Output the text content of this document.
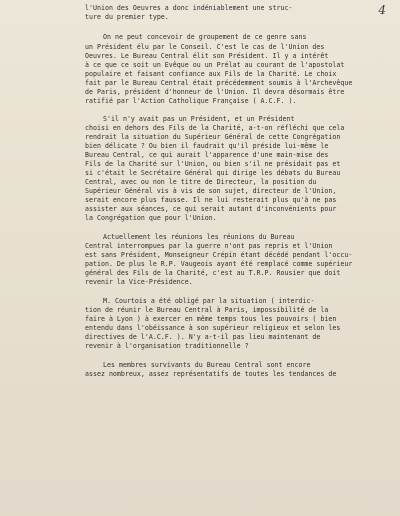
4
l'Union des Oeuvres a donc indéniablement une struc-
ture du premier type.
On ne peut concevoir de groupement de ce genre sans
un Président élu par le Conseil. C'est le cas de l'Union des
Oeuvres. Le Bureau Central élit son Président. Il y a intérêt
à ce que ce soit un Evêque ou un Prélat au courant de l'apostolat
populaire et faisant confiance aux Fils de la Charité. Le choix
fait par le Bureau Central était précédemment soumis à l'Archevêque
de Paris, président d'honneur de l'Union. Il devra désormais être
ratifié par l'Action Catholique Française ( A.C.F. ).
S'il n'y avait pas un Président, et un Président
choisi en dehors des Fils de la Charité, a-t-on réfléchi que cela
rendrait la situation du Supérieur Général de cette Congrégation
bien délicate ? Ou bien il faudrait qu'il préside lui-même le
Bureau Central, ce qui aurait l'apparence d'une main-mise des
Fils de la Charité sur l'Union, ou bien s'il ne présidait pas et
si c'était le Secrétaire Général qui dirige les débats du Bureau
Central, avec ou non le titre de Directeur, la position du
Supérieur Général vis à vis de son sujet, directeur de l'Union,
serait encore plus fausse. Il ne lui resterait plus qu'à ne pas
assister aux séances, ce qui serait autant d'inconvénients pour
la Congrégation que pour l'Union.
Actuellement les réunions les réunions du Bureau
Central interrompues par la guerre n'ont pas repris et l'Union
est sans Président, Monseigneur Crépin étant décédé pendant l'occu-
pation. De plus le R.P. Vaugeois ayant été remplacé comme supérieur
général des Fils de la Charité, c'est au T.R.P. Rousier que doit
revenir la Vice-Présidence.
M. Courtois a été obligé par la situation ( interdic-
tion de réunir le Bureau Central à Paris, impossibilité de la
faire à Lyon ) à exercer en même temps tous les pouvoirs ( bien
entendu dans l'obéissance à son supérieur religieux et selon les
directives de l'A.C.F. ). N'y a-t-il pas lieu maintenant de
revenir à l'organisation traditionnelle ?
Les membres survivants du Bureau Central sont encore
assez nombreux, assez représentatifs de toutes les tendances de
